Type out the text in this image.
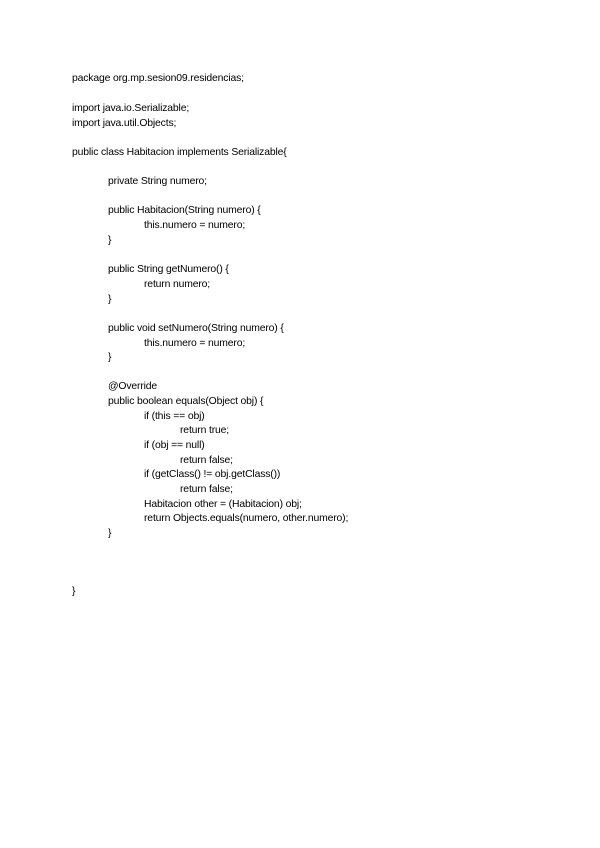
package org.mp.sesion09.residencias;
import java.io.Serializable;
import java.util.Objects;
public class Habitacion implements Serializable{
private String numero;
public Habitacion(String numero) {
this.numero = numero;
}
public String getNumero() {
return numero;
}
public void setNumero(String numero) {
this.numero = numero;
}
@Override
public boolean equals(Object obj) {
if (this == obj)
return true;
if (obj == null)
return false;
if (getClass() != obj.getClass())
return false;
Habitacion other = (Habitacion) obj;
return Objects.equals(numero, other.numero);
}
}
